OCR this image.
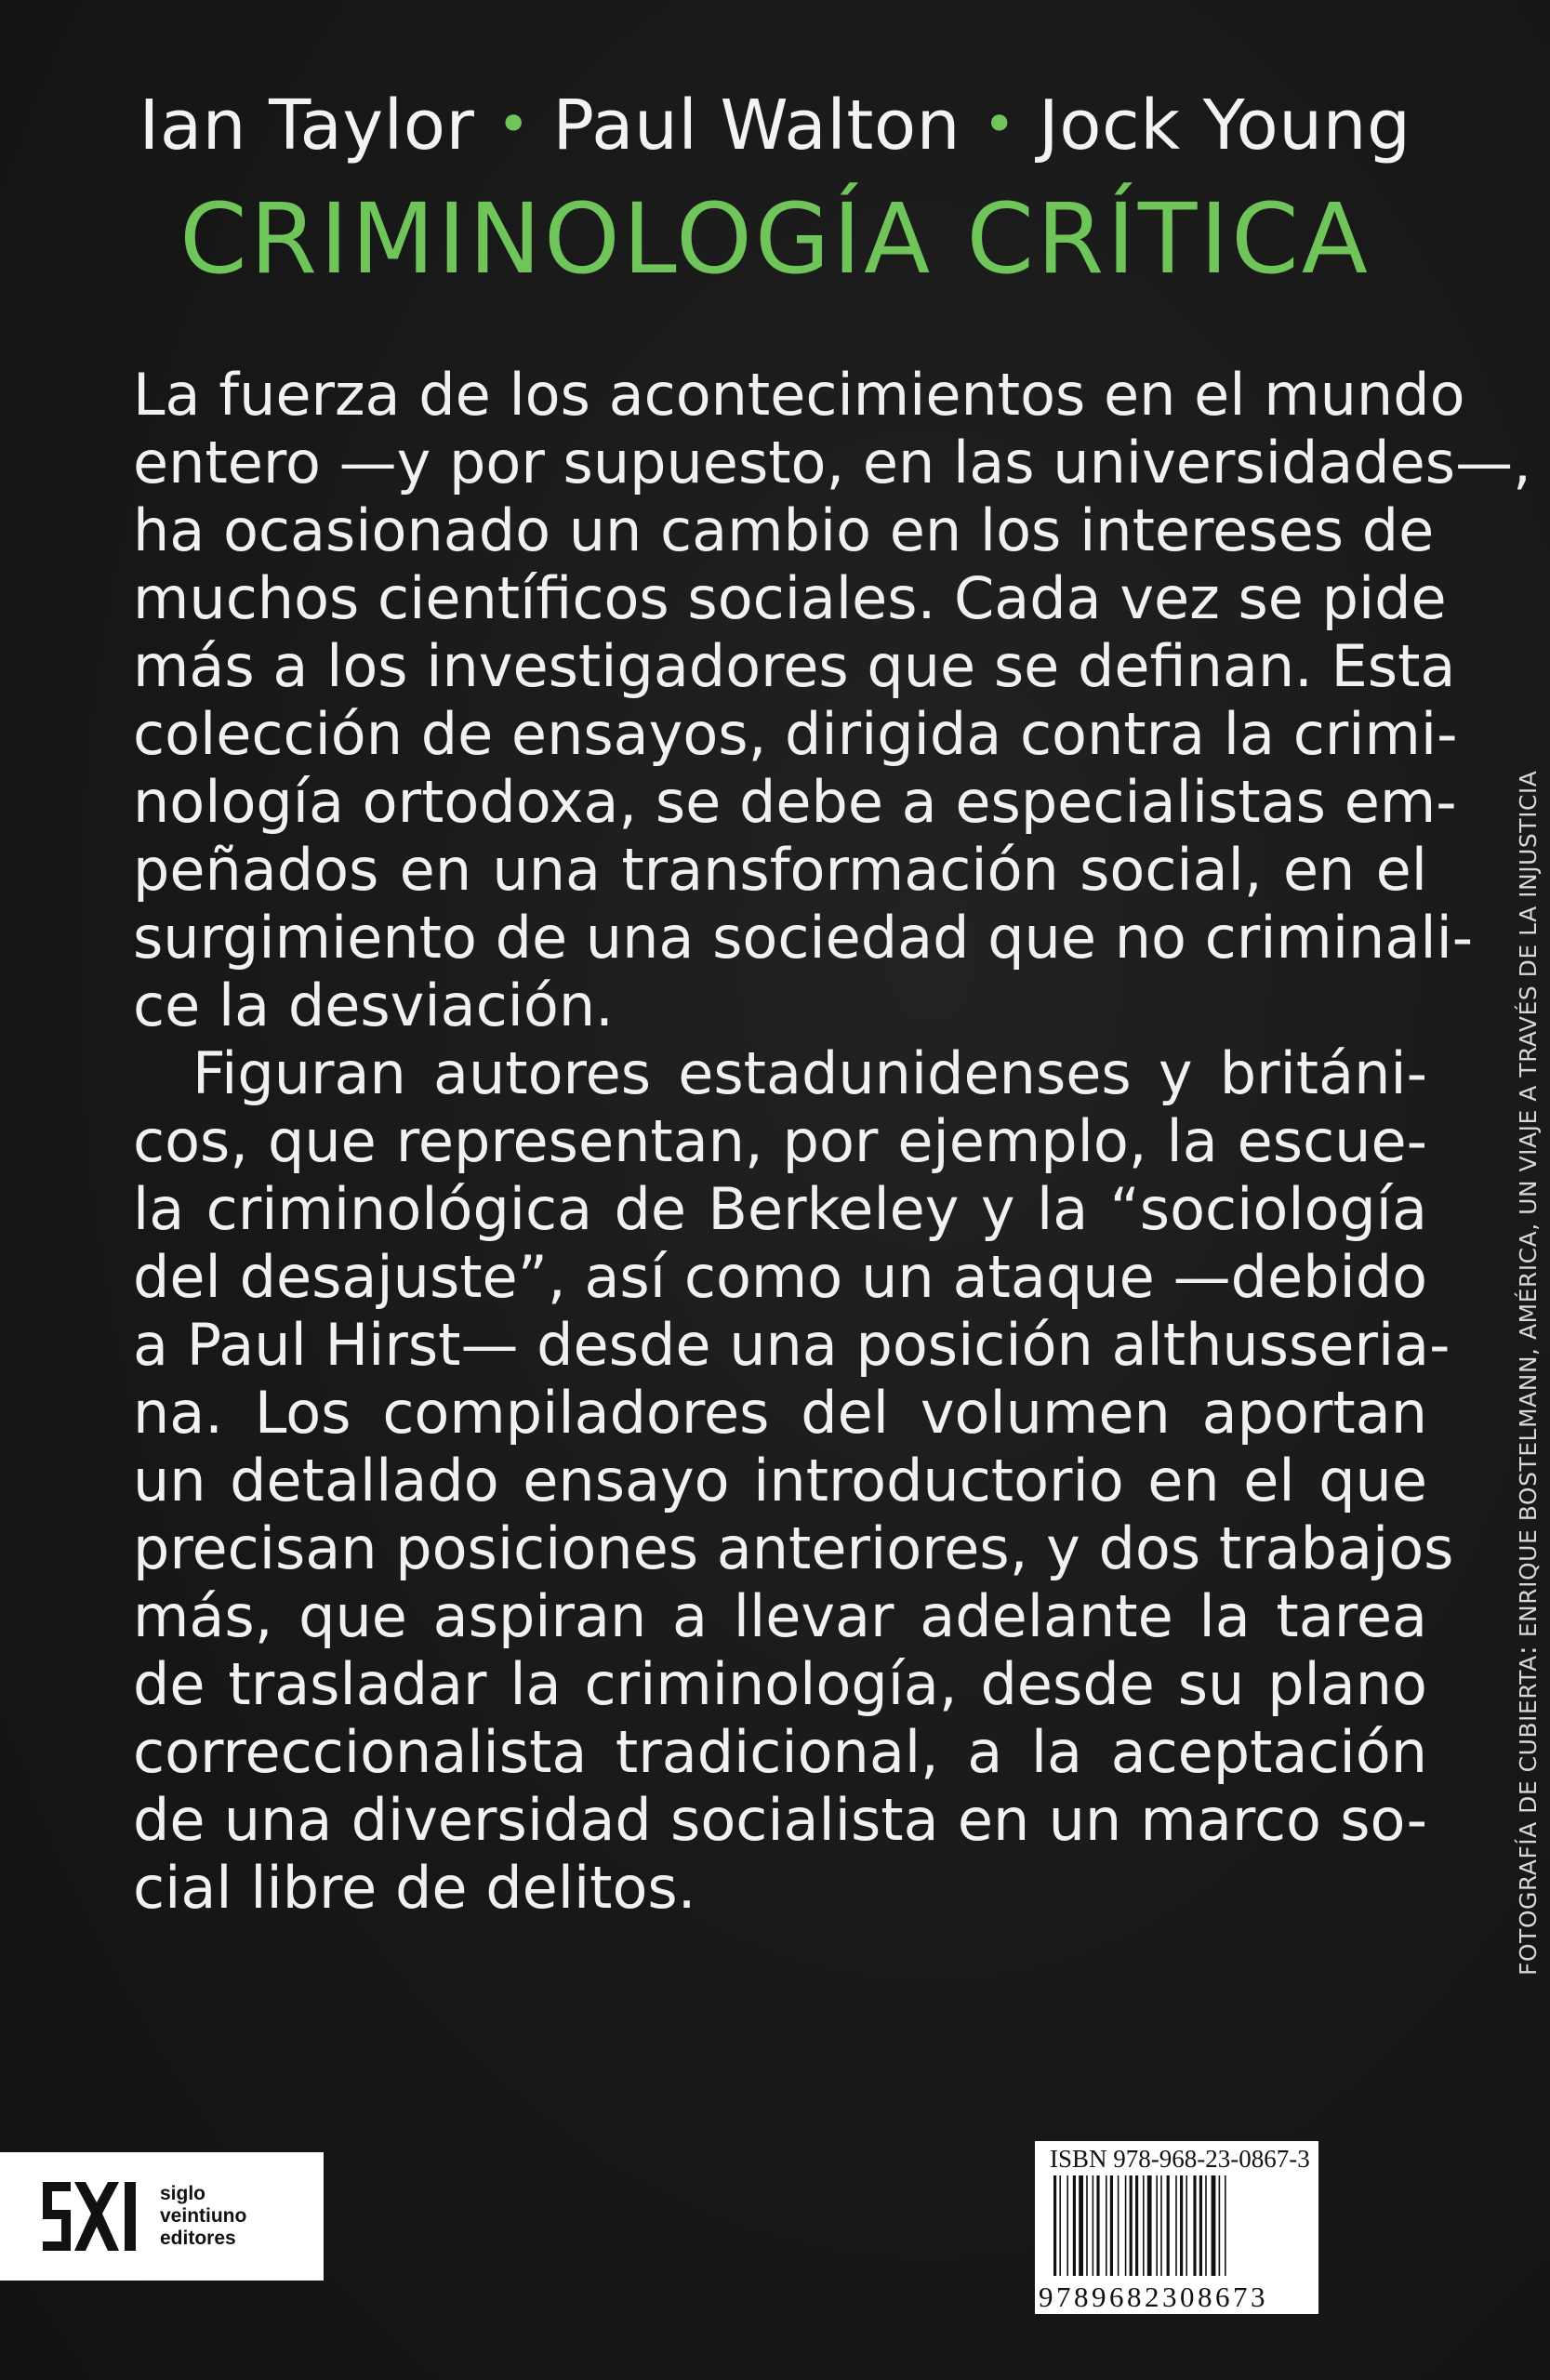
Ian Taylor • Paul Walton • Jock Young
CRIMINOLOGÍA CRÍTICA
La fuerza de los acontecimientos en el mundo
entero —y por supuesto, en las universidades—,
ha ocasionado un cambio en los intereses de
muchos científicos sociales. Cada vez se pide
más a los investigadores que se definan. Esta
colección de ensayos, dirigida contra la crimi-
nología ortodoxa, se debe a especialistas em-
peñados en una transformación social, en el
surgimiento de una sociedad que no criminali-
ce la desviación.
Figuran autores estadunidenses y británi-
cos, que representan, por ejemplo, la escue-
la criminológica de Berkeley y la “sociología
del desajuste”, así como un ataque —debido
a Paul Hirst— desde una posición althusseria-
na. Los compiladores del volumen aportan
un detallado ensayo introductorio en el que
precisan posiciones anteriores, y dos trabajos
más, que aspiran a llevar adelante la tarea
de trasladar la criminología, desde su plano
correccionalista tradicional, a la aceptación
de una diversidad socialista en un marco so-
cial libre de delitos.	FOTOGRAFÍA DE CUBIERTA: ENRIQUE BOSTELMANN, AMÉRICA, UN VIAJE A TRAVÉS DE LA INJUSTICIA
siglo
veintiuno
editores
ISBN 978-968-23-0867-3
9789682308673
